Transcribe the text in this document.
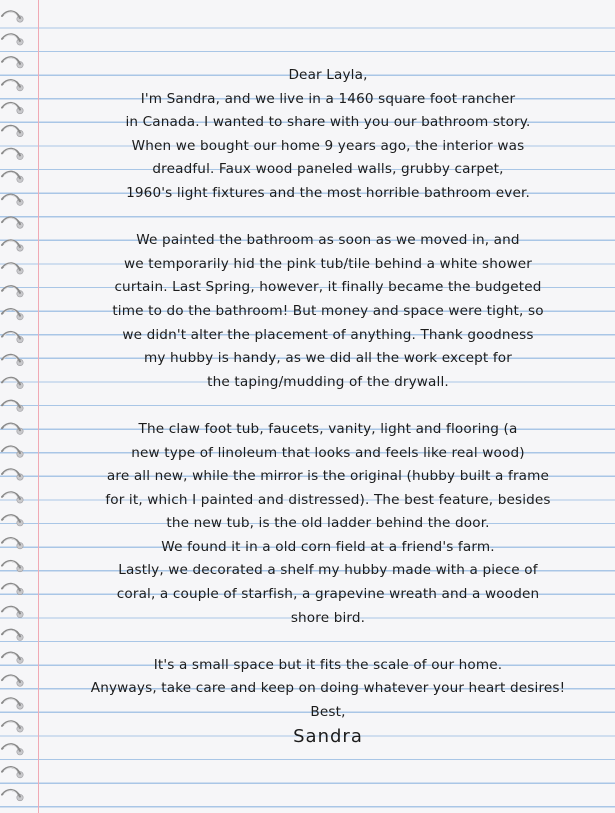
Dear Layla,
I'm Sandra, and we live in a 1460 square foot rancher
in Canada. I wanted to share with you our bathroom story.
When we bought our home 9 years ago, the interior was
dreadful. Faux wood paneled walls, grubby carpet,
1960's light fixtures and the most horrible bathroom ever.
We painted the bathroom as soon as we moved in, and
we temporarily hid the pink tub/tile behind a white shower
curtain. Last Spring, however, it finally became the budgeted
time to do the bathroom! But money and space were tight, so
we didn't alter the placement of anything. Thank goodness
my hubby is handy, as we did all the work except for
the taping/mudding of the drywall.
The claw foot tub, faucets, vanity, light and flooring (a
new type of linoleum that looks and feels like real wood)
are all new, while the mirror is the original (hubby built a frame
for it, which I painted and distressed). The best feature, besides
the new tub, is the old ladder behind the door.
We found it in a old corn field at a friend's farm.
Lastly, we decorated a shelf my hubby made with a piece of
coral, a couple of starfish, a grapevine wreath and a wooden
shore bird.
It's a small space but it fits the scale of our home.
Anyways, take care and keep on doing whatever your heart desires!
Best,
Sandra
